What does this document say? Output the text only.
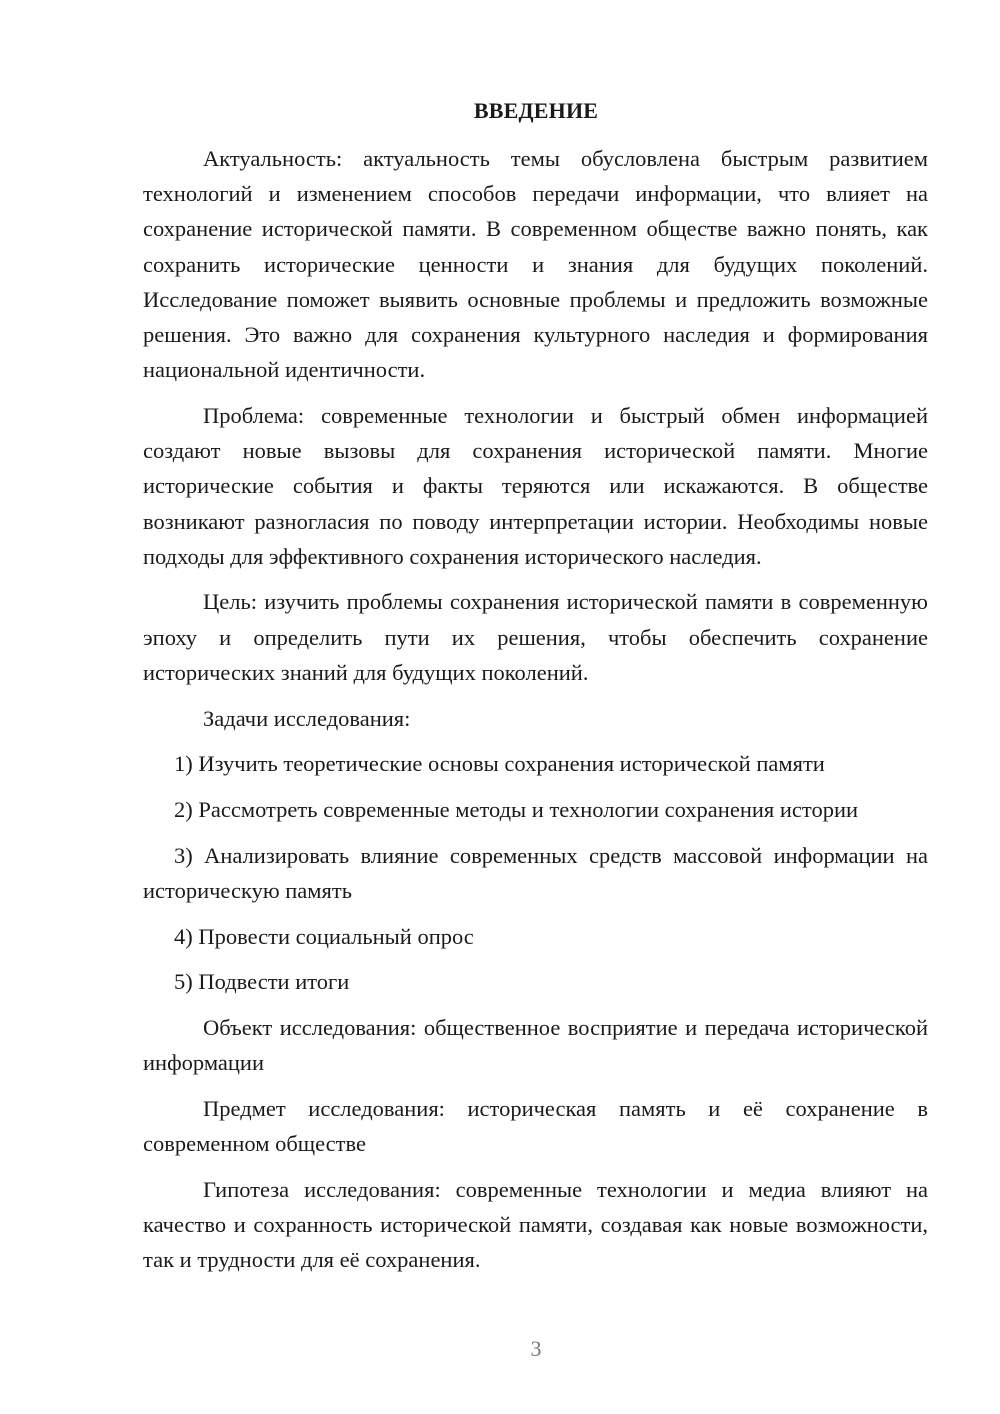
ВВЕДЕНИЕ

Актуальность: актуальность темы обусловлена быстрым развитием технологий и изменением способов передачи информации, что влияет на сохранение исторической памяти. В современном обществе важно понять, как сохранить исторические ценности и знания для будущих поколений. Исследование поможет выявить основные проблемы и предложить возможные решения. Это важно для сохранения культурного наследия и формирования национальной идентичности.

Проблема: современные технологии и быстрый обмен информацией создают новые вызовы для сохранения исторической памяти. Многие исторические события и факты теряются или искажаются. В обществе возникают разногласия по поводу интерпретации истории. Необходимы новые подходы для эффективного сохранения исторического наследия.

Цель: изучить проблемы сохранения исторической памяти в современную эпоху и определить пути их решения, чтобы обеспечить сохранение исторических знаний для будущих поколений.

Задачи исследования:

1) Изучить теоретические основы сохранения исторической памяти

2) Рассмотреть современные методы и технологии сохранения истории

3) Анализировать влияние современных средств массовой информации на историческую память

4) Провести социальный опрос

5) Подвести итоги

Объект исследования: общественное восприятие и передача исторической информации

Предмет исследования: историческая память и её сохранение в современном обществе

Гипотеза исследования: современные технологии и медиа влияют на качество и сохранность исторической памяти, создавая как новые возможности, так и трудности для её сохранения.

3
